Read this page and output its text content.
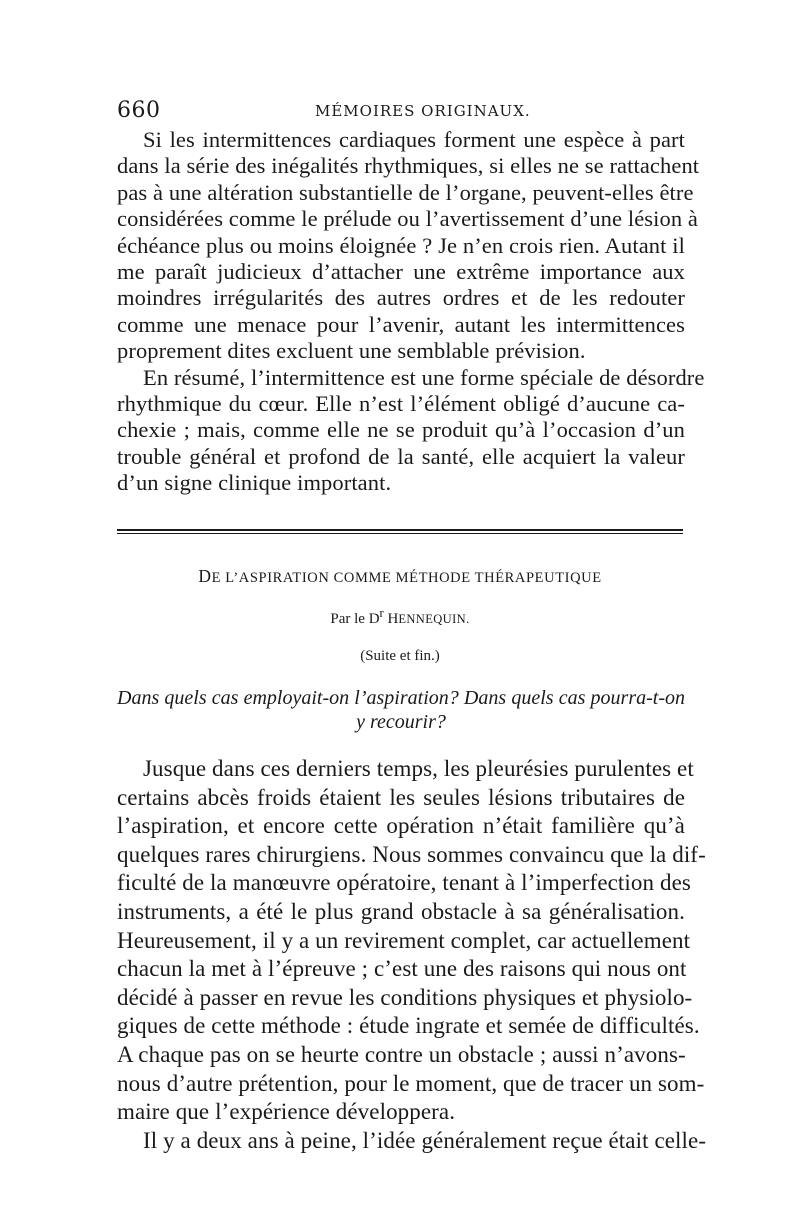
660	MÉMOIRES ORIGINAUX.

Si les intermittences cardiaques forment une espèce à part
dans la série des inégalités rhythmiques, si elles ne se rattachent
pas à une altération substantielle de l’organe, peuvent-elles être
considérées comme le prélude ou l’avertissement d’une lésion à
échéance plus ou moins éloignée ? Je n’en crois rien. Autant il
me paraît judicieux d’attacher une extrême importance aux
moindres irrégularités des autres ordres et de les redouter
comme une menace pour l’avenir, autant les intermittences
proprement dites excluent une semblable prévision.

En résumé, l’intermittence est une forme spéciale de désordre
rhythmique du cœur. Elle n’est l’élément obligé d’aucune ca-
chexie ; mais, comme elle ne se produit qu’à l’occasion d’un
trouble général et profond de la santé, elle acquiert la valeur
d’un signe clinique important.

DE L’ASPIRATION COMME MÉTHODE THÉRAPEUTIQUE
Par le $D^r$ HENNEQUIN.
(Suite et fin.)
Dans quels cas employait-on l’aspiration? Dans quels cas pourra-t-on
y recourir?

Jusque dans ces derniers temps, les pleurésies purulentes et
certains abcès froids étaient les seules lésions tributaires de
l’aspiration, et encore cette opération n’était familière qu’à
quelques rares chirurgiens. Nous sommes convaincu que la dif-
ficulté de la manœuvre opératoire, tenant à l’imperfection des
instruments, a été le plus grand obstacle à sa généralisation.
Heureusement, il y a un revirement complet, car actuellement
chacun la met à l’épreuve ; c’est une des raisons qui nous ont
décidé à passer en revue les conditions physiques et physiolo-
giques de cette méthode : étude ingrate et semée de difficultés.
A chaque pas on se heurte contre un obstacle ; aussi n’avons-
nous d’autre prétention, pour le moment, que de tracer un som-
maire que l’expérience développera.

Il y a deux ans à peine, l’idée généralement reçue était celle-
